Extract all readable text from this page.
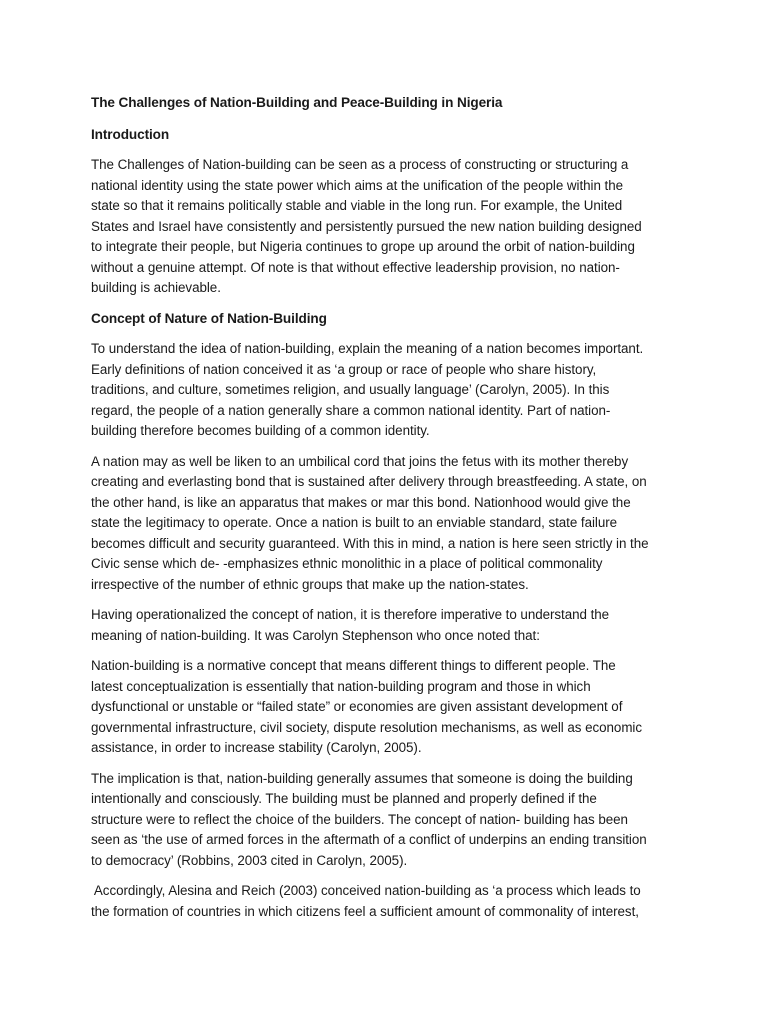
The Challenges of Nation-Building and Peace-Building in Nigeria
Introduction
The Challenges of Nation-building can be seen as a process of constructing or structuring a
national identity using the state power which aims at the unification of the people within the
state so that it remains politically stable and viable in the long run. For example, the United
States and Israel have consistently and persistently pursued the new nation building designed
to integrate their people, but Nigeria continues to grope up around the orbit of nation-building
without a genuine attempt. Of note is that without effective leadership provision, no nation-
building is achievable.
Concept of Nature of Nation-Building
To understand the idea of nation-building, explain the meaning of a nation becomes important.
Early definitions of nation conceived it as ‘a group or race of people who share history,
traditions, and culture, sometimes religion, and usually language’ (Carolyn, 2005). In this
regard, the people of a nation generally share a common national identity. Part of nation-
building therefore becomes building of a common identity.
A nation may as well be liken to an umbilical cord that joins the fetus with its mother thereby
creating and everlasting bond that is sustained after delivery through breastfeeding. A state, on
the other hand, is like an apparatus that makes or mar this bond. Nationhood would give the
state the legitimacy to operate. Once a nation is built to an enviable standard, state failure
becomes difficult and security guaranteed. With this in mind, a nation is here seen strictly in the
Civic sense which de- -emphasizes ethnic monolithic in a place of political commonality
irrespective of the number of ethnic groups that make up the nation-states.
Having operationalized the concept of nation, it is therefore imperative to understand the
meaning of nation-building. It was Carolyn Stephenson who once noted that:
Nation-building is a normative concept that means different things to different people. The
latest conceptualization is essentially that nation-building program and those in which
dysfunctional or unstable or “failed state” or economies are given assistant development of
governmental infrastructure, civil society, dispute resolution mechanisms, as well as economic
assistance, in order to increase stability (Carolyn, 2005).
The implication is that, nation-building generally assumes that someone is doing the building
intentionally and consciously. The building must be planned and properly defined if the
structure were to reflect the choice of the builders. The concept of nation- building has been
seen as ‘the use of armed forces in the aftermath of a conflict of underpins an ending transition
to democracy’ (Robbins, 2003 cited in Carolyn, 2005).
Accordingly, Alesina and Reich (2003) conceived nation-building as ‘a process which leads to
the formation of countries in which citizens feel a sufficient amount of commonality of interest,
